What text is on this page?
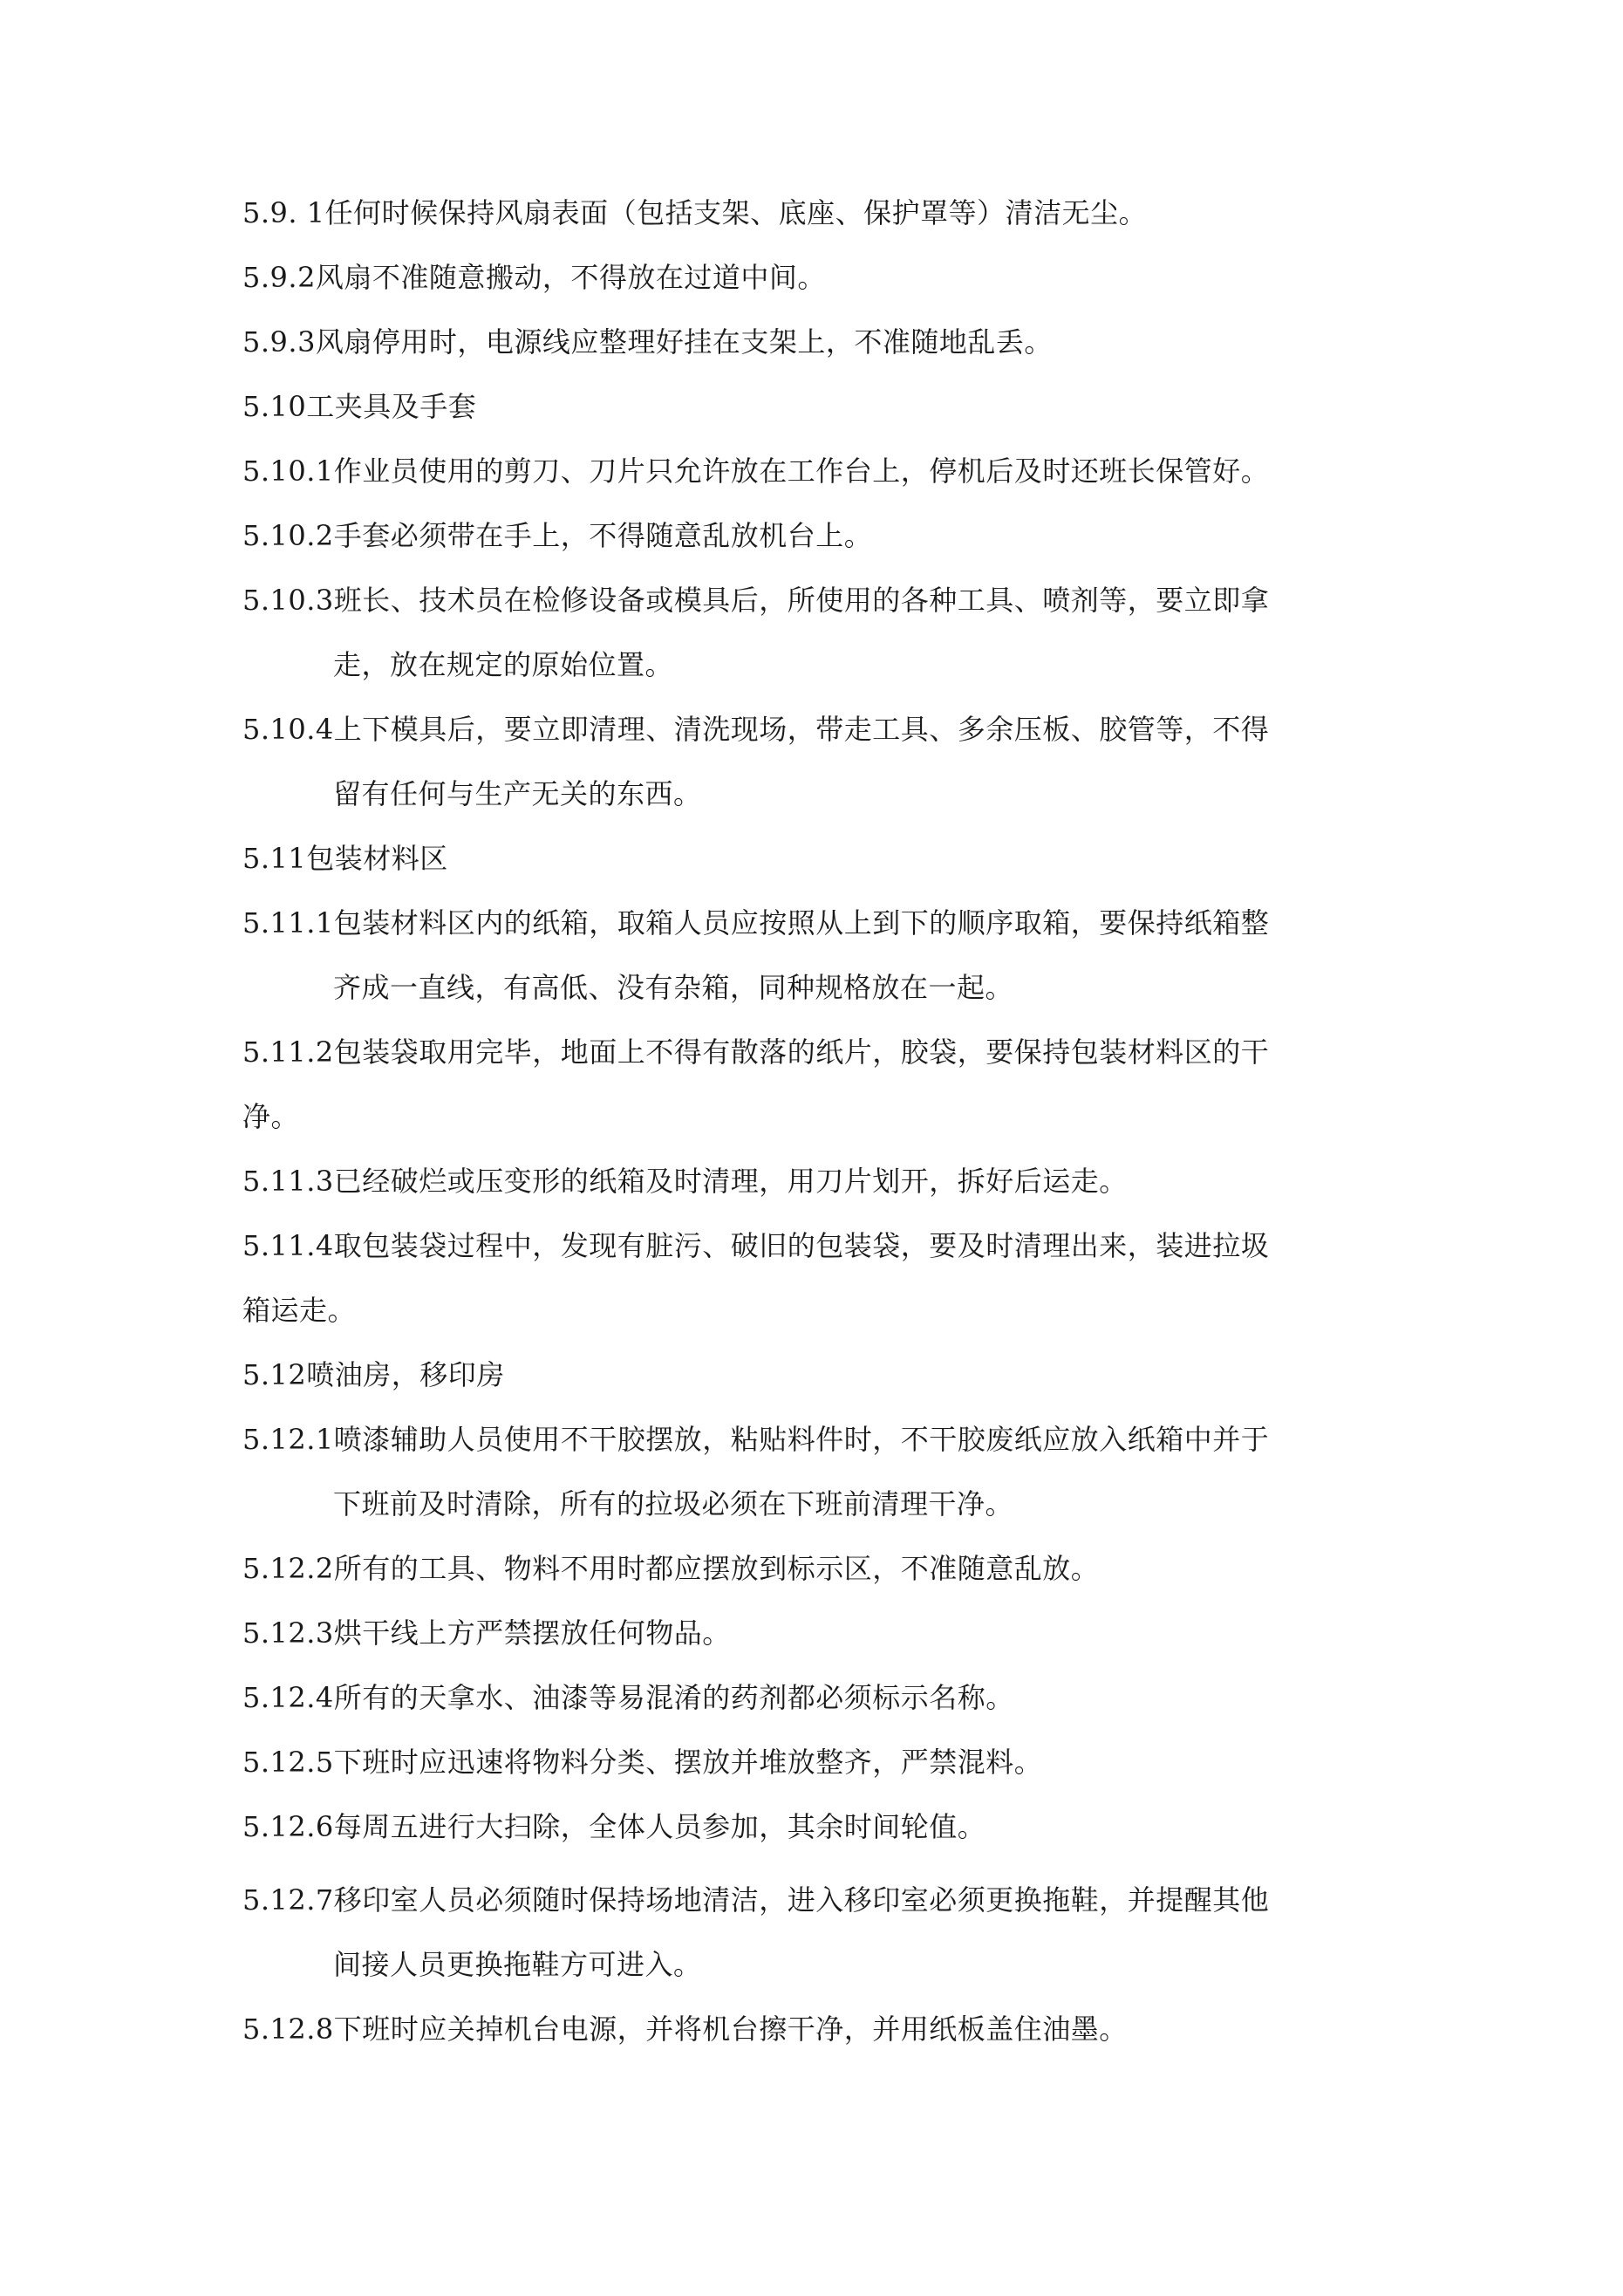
5.9. 1任何时候保持风扇表面（包括支架、底座、保护罩等）清洁无尘。
5.9.2风扇不准随意搬动，不得放在过道中间。
5.9.3风扇停用时，电源线应整理好挂在支架上，不准随地乱丢。
5.10工夹具及手套
5.10.1作业员使用的剪刀、刀片只允许放在工作台上，停机后及时还班长保管好。
5.10.2手套必须带在手上，不得随意乱放机台上。
5.10.3班长、技术员在检修设备或模具后，所使用的各种工具、喷剂等，要立即拿
走，放在规定的原始位置。
5.10.4上下模具后，要立即清理、清洗现场，带走工具、多余压板、胶管等，不得
留有任何与生产无关的东西。
5.11包装材料区
5.11.1包装材料区内的纸箱，取箱人员应按照从上到下的顺序取箱，要保持纸箱整
齐成一直线，有高低、没有杂箱，同种规格放在一起。
5.11.2包装袋取用完毕，地面上不得有散落的纸片，胶袋，要保持包装材料区的干
净。
5.11.3已经破烂或压变形的纸箱及时清理，用刀片划开，拆好后运走。
5.11.4取包装袋过程中，发现有脏污、破旧的包装袋，要及时清理出来，装进拉圾
箱运走。
5.12喷油房，移印房
5.12.1喷漆辅助人员使用不干胶摆放，粘贴料件时，不干胶废纸应放入纸箱中并于
下班前及时清除，所有的拉圾必须在下班前清理干净。
5.12.2所有的工具、物料不用时都应摆放到标示区，不准随意乱放。
5.12.3烘干线上方严禁摆放任何物品。
5.12.4所有的天拿水、油漆等易混淆的药剂都必须标示名称。
5.12.5下班时应迅速将物料分类、摆放并堆放整齐，严禁混料。
5.12.6每周五进行大扫除，全体人员参加，其余时间轮值。
5.12.7移印室人员必须随时保持场地清洁，进入移印室必须更换拖鞋，并提醒其他
间接人员更换拖鞋方可进入。
5.12.8下班时应关掉机台电源，并将机台擦干净，并用纸板盖住油墨。
